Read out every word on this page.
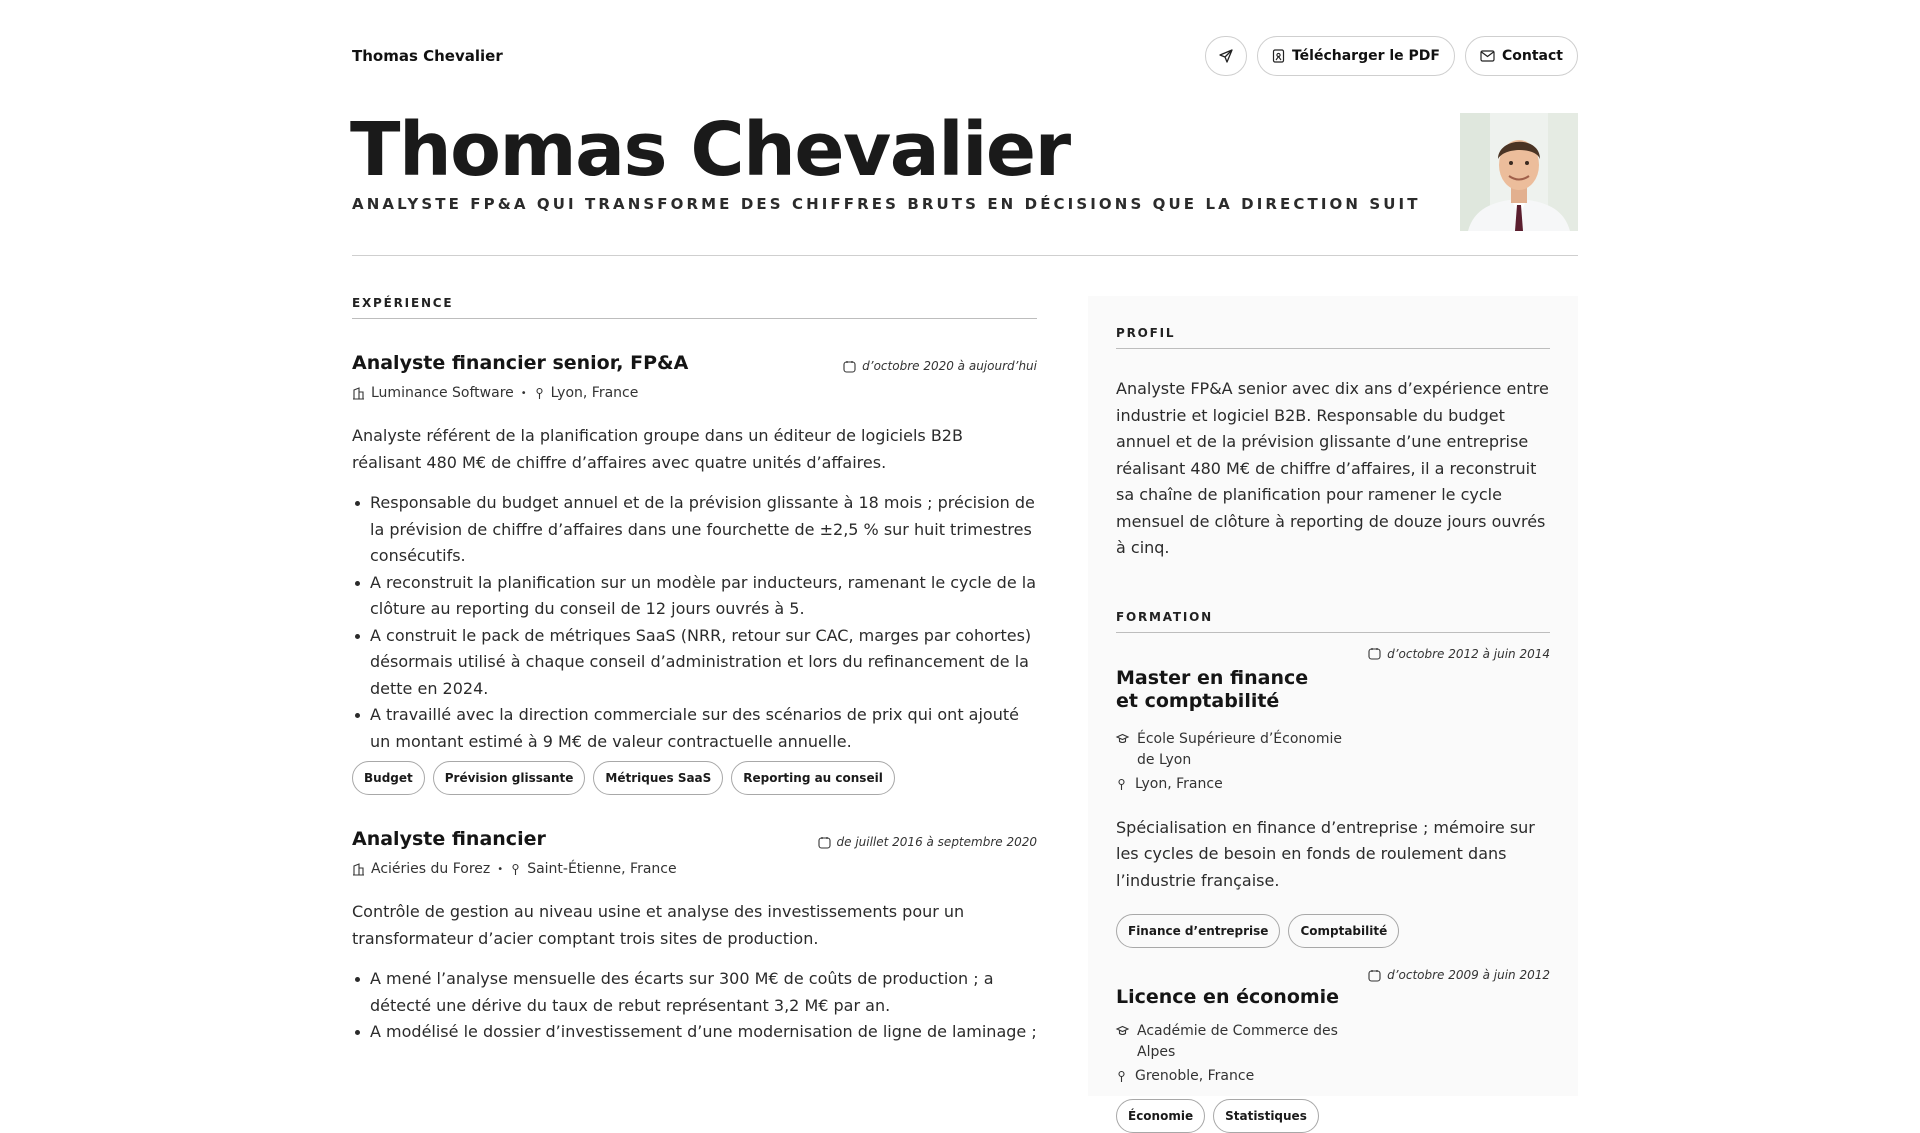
Thomas Chevalier	Télécharger le PDF	Contact
Thomas Chevalier
ANALYSTE FP&A QUI TRANSFORME DES CHIFFRES BRUTS EN DÉCISIONS QUE LA DIRECTION SUIT
EXPÉRIENCE
Analyste financier senior, FP&A	d’octobre 2020 à aujourd’hui
Luminance Software • Lyon, France

Analyste référent de la planification groupe dans un éditeur de logiciels B2B réalisant 480 M€ de chiffre d’affaires avec quatre unités d’affaires.

Responsable du budget annuel et de la prévision glissante à 18 mois ; précision de la prévision de chiffre d’affaires dans une fourchette de ±2,5 % sur huit trimestres consécutifs.
A reconstruit la planification sur un modèle par inducteurs, ramenant le cycle de la clôture au reporting du conseil de 12 jours ouvrés à 5.
A construit le pack de métriques SaaS (NRR, retour sur CAC, marges par cohortes) désormais utilisé à chaque conseil d’administration et lors du refinancement de la dette en 2024.
A travaillé avec la direction commerciale sur des scénarios de prix qui ont ajouté un montant estimé à 9 M€ de valeur contractuelle annuelle.
Budget	Prévision glissante	Métriques SaaS	Reporting au conseil
Analyste financier	de juillet 2016 à septembre 2020
Aciéries du Forez • Saint-Étienne, France

Contrôle de gestion au niveau usine et analyse des investissements pour un transformateur d’acier comptant trois sites de production.

A mené l’analyse mensuelle des écarts sur 300 M€ de coûts de production ; a détecté une dérive du taux de rebut représentant 3,2 M€ par an.
A modélisé le dossier d’investissement d’une modernisation de ligne de laminage ;
PROFIL

Analyste FP&A senior avec dix ans d’expérience entre industrie et logiciel B2B. Responsable du budget annuel et de la prévision glissante d’une entreprise réalisant 480 M€ de chiffre d’affaires, il a reconstruit sa chaîne de planification pour ramener le cycle mensuel de clôture à reporting de douze jours ouvrés à cinq.

FORMATION
d’octobre 2012 à juin 2014
Master en finance et comptabilité
École Supérieure d’Économie de Lyon
Lyon, France

Spécialisation en finance d’entreprise ; mémoire sur les cycles de besoin en fonds de roulement dans l’industrie française.

Finance d’entreprise	Comptabilité
d’octobre 2009 à juin 2012
Licence en économie
Académie de Commerce des Alpes
Grenoble, France
Économie	Statistiques
